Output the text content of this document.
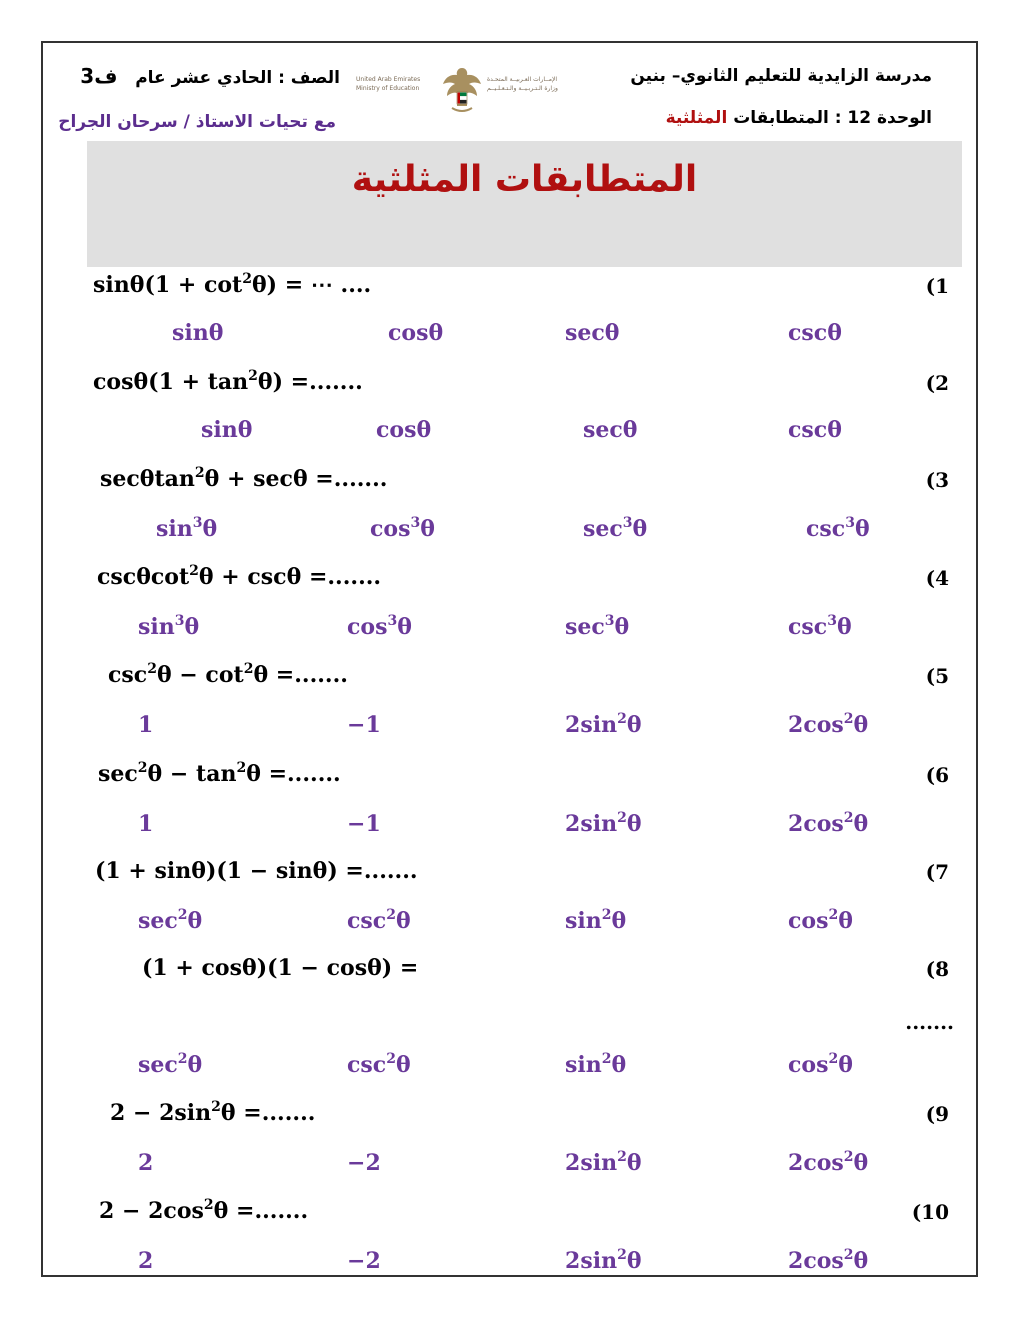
مدرسة الزايدية للتعليم الثانوي– بنين
الوحدة 12 : المتطابقات المثلثية
الصف : الحادي عشر عام   ف3
مع تحيات الاستاذ / سرحان الجراح
United Arab Emirates
Ministry of Education
الإمــارات العـربيــة المتحـدة
وزارة الـتـربـيــة والـتـعـلـيــم
المتطابقات المثلثية
(1
$\sin\theta(1 + \cot^2\theta)$ = ⋯ ....
sinθ	cosθ	secθ	cscθ
(2
$\cos\theta(1 + \tan^2\theta)$ =.......
sinθ	cosθ	secθ	cscθ
(3
secθtan$^2$θ + secθ =.......
$\sin^3\theta$	$\cos^3\theta$	$\sec^3\theta$	$\csc^3\theta$
(4
cscθcot$^2$θ + cscθ =.......
$\sin^3\theta$	$\cos^3\theta$	$\sec^3\theta$	$\csc^3\theta$
(5
$\csc^2\theta - \cot^2\theta$ =.......
1	−1	$2\sin^2\theta$	$2\cos^2\theta$
(6
$\sec^2\theta - \tan^2\theta$ =.......
1	−1	$2\sin^2\theta$	$2\cos^2\theta$
(7
(1 + sinθ)(1 − sinθ) =.......
$\sec^2\theta$	$\csc^2\theta$	$\sin^2\theta$	$\cos^2\theta$
(8
(1 + cosθ)(1 − cosθ) =
$\sec^2\theta$	$\csc^2\theta$	$\sin^2\theta$	$\cos^2\theta$
(9
$2 - 2\sin^2\theta$ =.......
2	−2	$2\sin^2\theta$	$2\cos^2\theta$
(10
$2 - 2\cos^2\theta$ =.......
2	−2	$2\sin^2\theta$	$2\cos^2\theta$
.......
